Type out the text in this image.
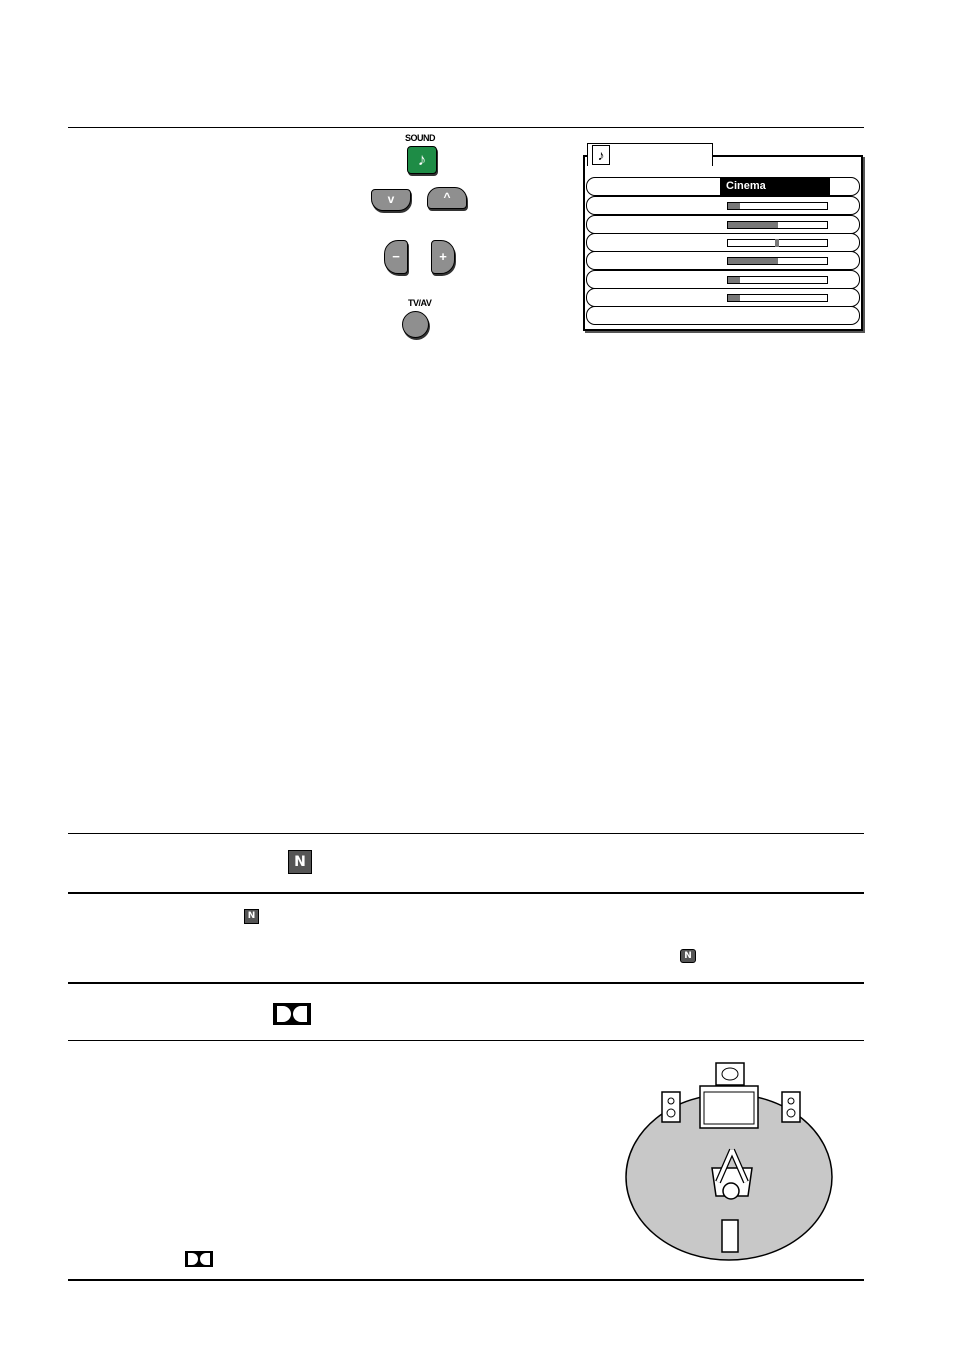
SOUND
♪
v	^
−	+
TV/AV
♪
Cinema
N
N
N
